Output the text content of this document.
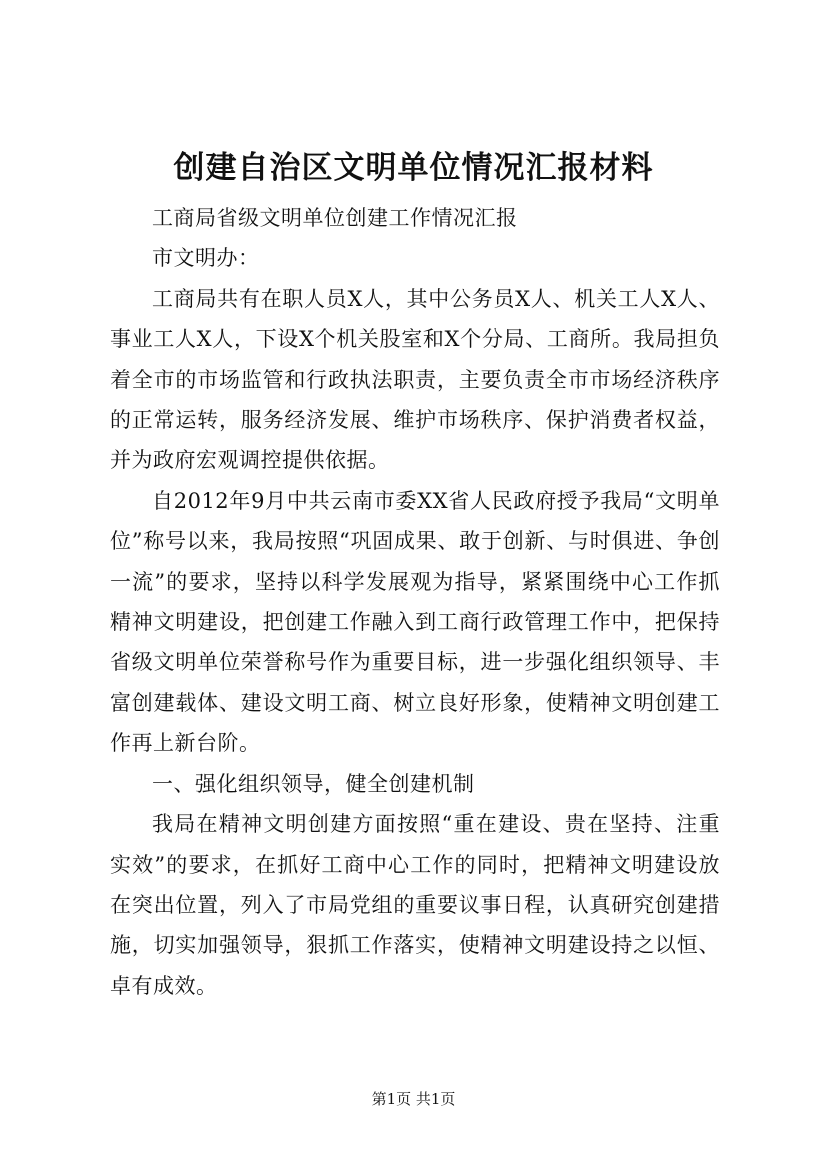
创建自治区文明单位情况汇报材料

工商局省级文明单位创建工作情况汇报

市文明办：

工商局共有在职人员X人，其中公务员X人、机关工人X人、事业工人X人，下设X个机关股室和X个分局、工商所。我局担负着全市的市场监管和行政执法职责，主要负责全市市场经济秩序的正常运转，服务经济发展、维护市场秩序、保护消费者权益，并为政府宏观调控提供依据。

自2012年9月中共云南市委XX省人民政府授予我局“文明单位”称号以来，我局按照“巩固成果、敢于创新、与时俱进、争创一流”的要求，坚持以科学发展观为指导，紧紧围绕中心工作抓精神文明建设，把创建工作融入到工商行政管理工作中，把保持省级文明单位荣誉称号作为重要目标，进一步强化组织领导、丰富创建载体、建设文明工商、树立良好形象，使精神文明创建工作再上新台阶。

一、强化组织领导，健全创建机制

我局在精神文明创建方面按照“重在建设、贵在坚持、注重实效”的要求，在抓好工商中心工作的同时，把精神文明建设放在突出位置，列入了市局党组的重要议事日程，认真研究创建措施，切实加强领导，狠抓工作落实，使精神文明建设持之以恒、卓有成效。

第1页 共1页
